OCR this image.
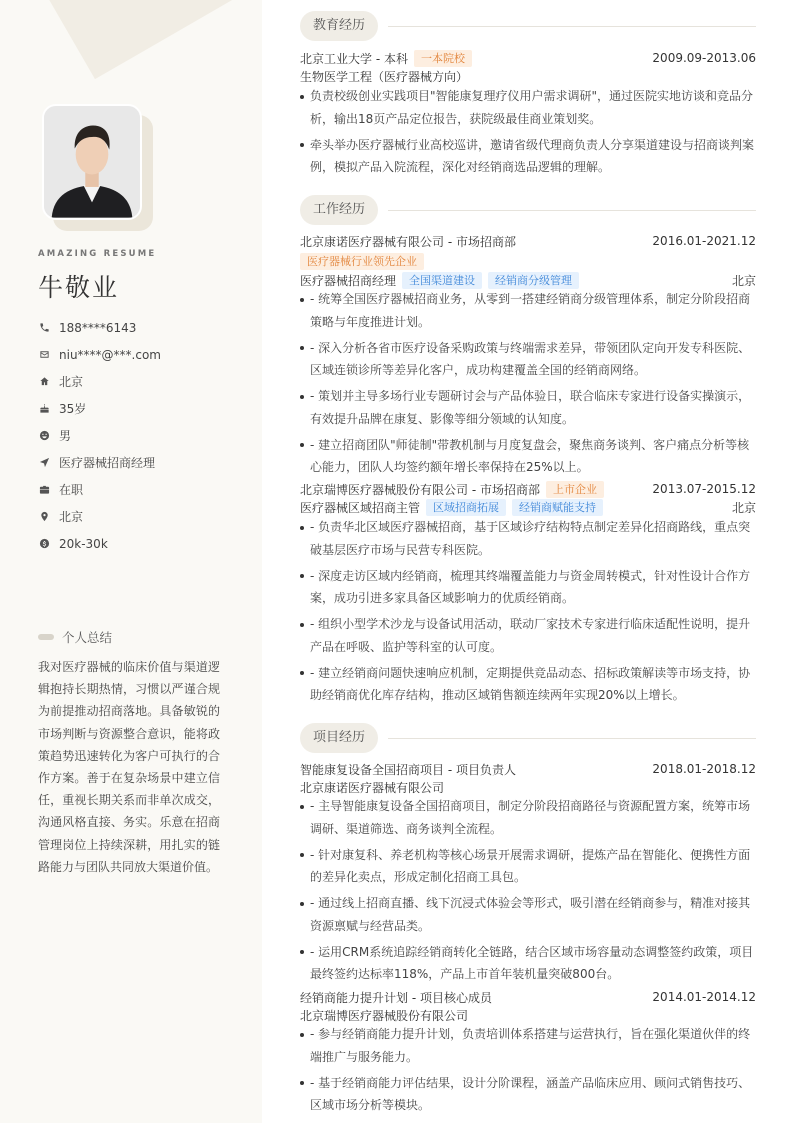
AMAZING RESUME
牛敬业
188****6143
niu****@***.com
北京
35岁
男
医疗器械招商经理
在职
北京
20k-30k
个人总结
我对医疗器械的临床价值与渠道逻辑抱持长期热情，习惯以严谨合规为前提推动招商落地。具备敏锐的市场判断与资源整合意识，能将政策趋势迅速转化为客户可执行的合作方案。善于在复杂场景中建立信任，重视长期关系而非单次成交，沟通风格直接、务实。乐意在招商管理岗位上持续深耕，用扎实的链路能力与团队共同放大渠道价值。
教育经历
北京工业大学 - 本科	一本院校	2009.09-2013.06
生物医学工程（医疗器械方向）
负责校级创业实践项目"智能康复理疗仪用户需求调研"，通过医院实地访谈和竞品分析，输出18页产品定位报告，获院级最佳商业策划奖。
牵头举办医疗器械行业高校巡讲，邀请省级代理商负责人分享渠道建设与招商谈判案例，模拟产品入院流程，深化对经销商选品逻辑的理解。
工作经历
北京康诺医疗器械有限公司 - 市场招商部	2016.01-2021.12
医疗器械行业领先企业
医疗器械招商经理	全国渠道建设	经销商分级管理	北京
- 统筹全国医疗器械招商业务，从零到一搭建经销商分级管理体系，制定分阶段招商策略与年度推进计划。
- 深入分析各省市医疗设备采购政策与终端需求差异，带领团队定向开发专科医院、区域连锁诊所等差异化客户，成功构建覆盖全国的经销商网络。
- 策划并主导多场行业专题研讨会与产品体验日，联合临床专家进行设备实操演示，有效提升品牌在康复、影像等细分领域的认知度。
- 建立招商团队"师徒制"带教机制与月度复盘会，聚焦商务谈判、客户痛点分析等核心能力，团队人均签约额年增长率保持在25%以上。
北京瑞博医疗器械股份有限公司 - 市场招商部	上市企业	2013.07-2015.12
医疗器械区域招商主管	区域招商拓展	经销商赋能支持	北京
- 负责华北区域医疗器械招商，基于区域诊疗结构特点制定差异化招商路线，重点突破基层医疗市场与民营专科医院。
- 深度走访区域内经销商，梳理其终端覆盖能力与资金周转模式，针对性设计合作方案，成功引进多家具备区域影响力的优质经销商。
- 组织小型学术沙龙与设备试用活动，联动厂家技术专家进行临床适配性说明，提升产品在呼吸、监护等科室的认可度。
- 建立经销商问题快速响应机制，定期提供竞品动态、招标政策解读等市场支持，协助经销商优化库存结构，推动区域销售额连续两年实现20%以上增长。
项目经历
智能康复设备全国招商项目 - 项目负责人	2018.01-2018.12
北京康诺医疗器械有限公司
- 主导智能康复设备全国招商项目，制定分阶段招商路径与资源配置方案，统筹市场调研、渠道筛选、商务谈判全流程。
- 针对康复科、养老机构等核心场景开展需求调研，提炼产品在智能化、便携性方面的差异化卖点，形成定制化招商工具包。
- 通过线上招商直播、线下沉浸式体验会等形式，吸引潜在经销商参与，精准对接其资源禀赋与经营品类。
- 运用CRM系统追踪经销商转化全链路，结合区域市场容量动态调整签约政策，项目最终签约达标率118%，产品上市首年装机量突破800台。
经销商能力提升计划 - 项目核心成员	2014.01-2014.12
北京瑞博医疗器械股份有限公司
- 参与经销商能力提升计划，负责培训体系搭建与运营执行，旨在强化渠道伙伴的终端推广与服务能力。
- 基于经销商能力评估结果，设计分阶课程，涵盖产品临床应用、顾问式销售技巧、区域市场分析等模块。
